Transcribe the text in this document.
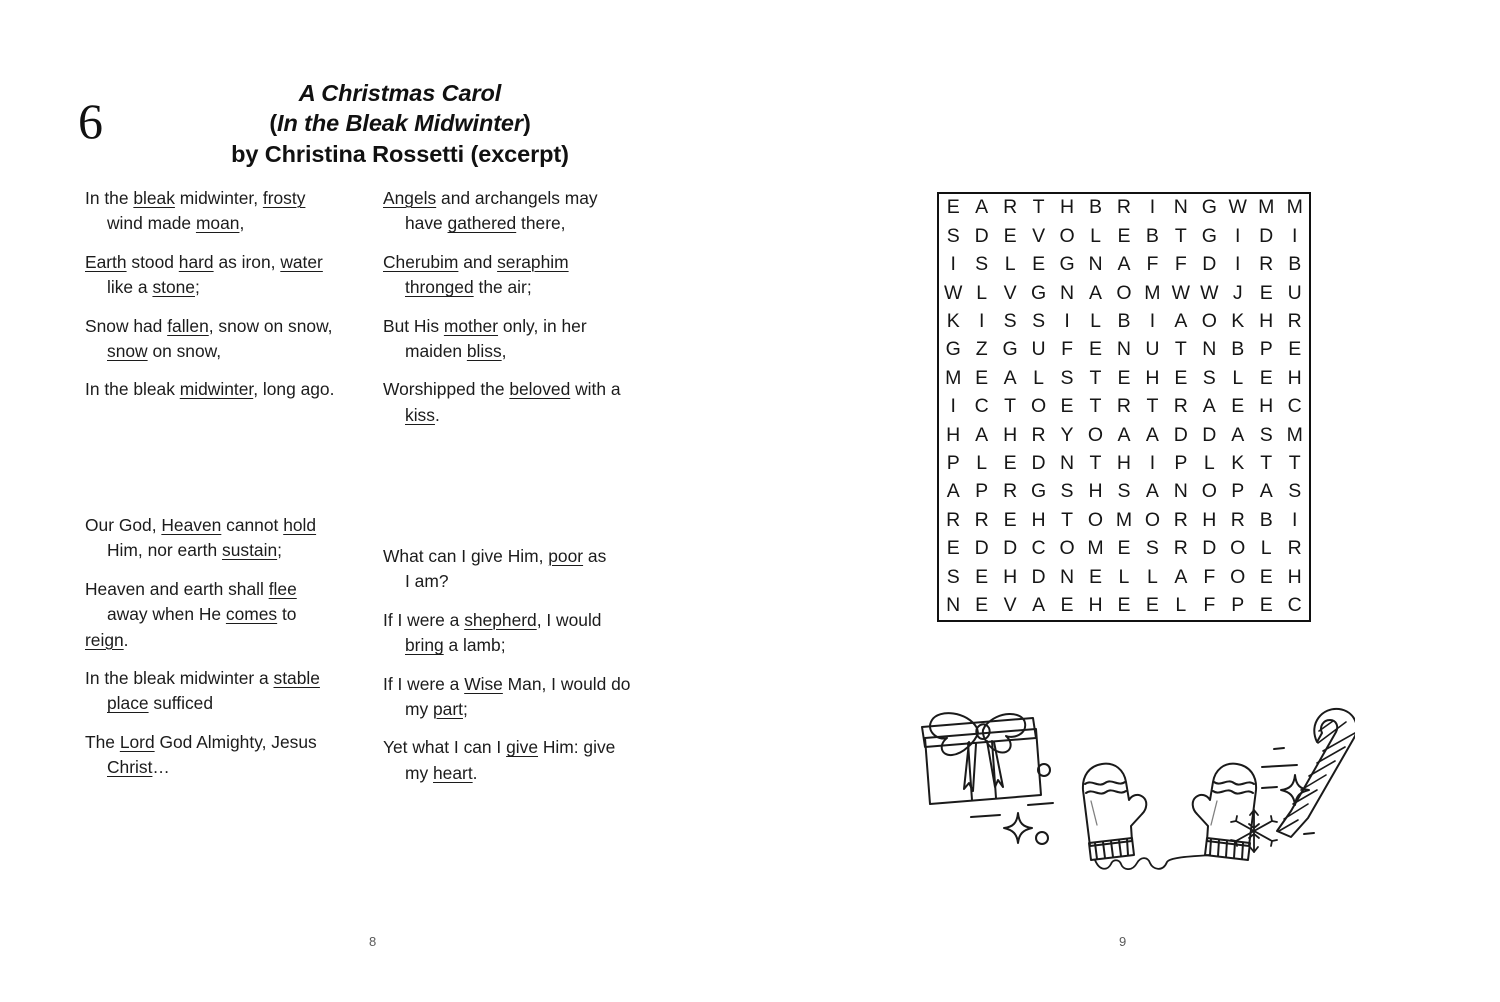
6	A Christmas Carol
(In the Bleak Midwinter)
by Christina Rossetti (excerpt)
In the bleak midwinter, frosty
wind made moan,
Earth stood hard as iron, water
like a stone;
Snow had fallen, snow on snow,
snow on snow,
In the bleak midwinter, long ago.
Our God, Heaven cannot hold
Him, nor earth sustain;
Heaven and earth shall flee
away when He comes to
reign.
In the bleak midwinter a stable
place sufficed
The Lord God Almighty, Jesus
Christ…
Angels and archangels may
have gathered there,
Cherubim and seraphim
thronged the air;
But His mother only, in her
maiden bliss,
Worshipped the beloved with a
kiss.
What can I give Him, poor as
I am?
If I were a shepherd, I would
bring a lamb;
If I were a Wise Man, I would do
my part;
Yet what I can I give Him: give
my heart.
E	A	R	T	H	B	R	I	N	G	W	M	M
S	D	E	V	O	L	E	B	T	G	I	D	I
I	S	L	E	G	N	A	F	F	D	I	R	B
W	L	V	G	N	A	O	M	W	W	J	E	U
K	I	S	S	I	L	B	I	A	O	K	H	R
G	Z	G	U	F	E	N	U	T	N	B	P	E
M	E	A	L	S	T	E	H	E	S	L	E	H
I	C	T	O	E	T	R	T	R	A	E	H	C
H	A	H	R	Y	O	A	A	D	D	A	S	M
P	L	E	D	N	T	H	I	P	L	K	T	T
A	P	R	G	S	H	S	A	N	O	P	A	S
R	R	E	H	T	O	M	O	R	H	R	B	I
E	D	D	C	O	M	E	S	R	D	O	L	R
S	E	H	D	N	E	L	L	A	F	O	E	H
N	E	V	A	E	H	E	E	L	F	P	E	C
8	9
